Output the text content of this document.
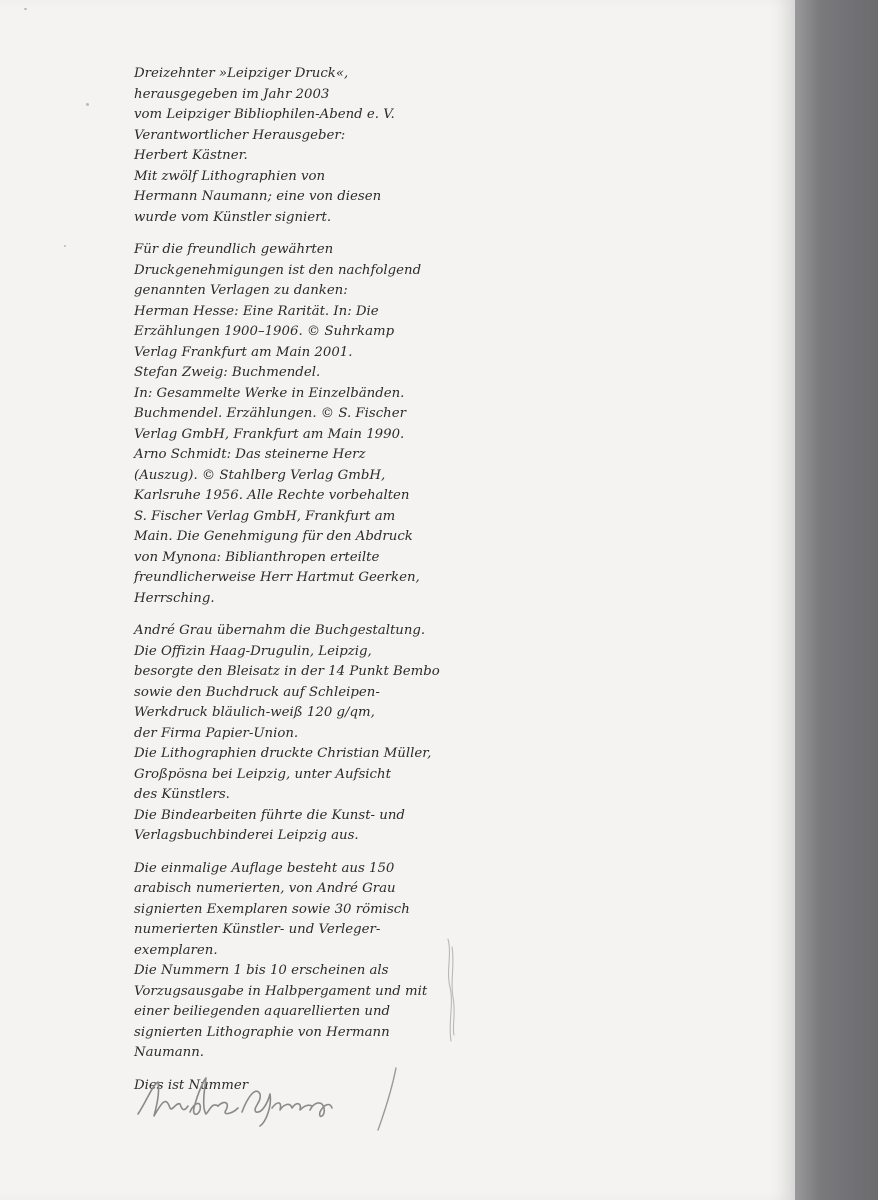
Dreizehnter »Leipziger Druck«,
herausgegeben im Jahr 2003
vom Leipziger Bibliophilen-Abend e. V.
Verantwortlicher Herausgeber:
Herbert Kästner.
Mit zwölf Lithographien von
Hermann Naumann; eine von diesen
wurde vom Künstler signiert.

Für die freundlich gewährten
Druckgenehmigungen ist den nachfolgend
genannten Verlagen zu danken:
Herman Hesse: Eine Rarität. In: Die
Erzählungen 1900–1906. © Suhrkamp
Verlag Frankfurt am Main 2001.
Stefan Zweig: Buchmendel.
In: Gesammelte Werke in Einzelbänden.
Buchmendel. Erzählungen. © S. Fischer
Verlag GmbH, Frankfurt am Main 1990.
Arno Schmidt: Das steinerne Herz
(Auszug). © Stahlberg Verlag GmbH,
Karlsruhe 1956. Alle Rechte vorbehalten
S. Fischer Verlag GmbH, Frankfurt am
Main. Die Genehmigung für den Abdruck
von Mynona: Biblianthropen erteilte
freundlicherweise Herr Hartmut Geerken,
Herrsching.

André Grau übernahm die Buchgestaltung.
Die Offizin Haag-Drugulin, Leipzig,
besorgte den Bleisatz in der 14 Punkt Bembo
sowie den Buchdruck auf Schleipen-
Werkdruck bläulich-weiß 120 g/qm,
der Firma Papier-Union.
Die Lithographien druckte Christian Müller,
Großpösna bei Leipzig, unter Aufsicht
des Künstlers.
Die Bindearbeiten führte die Kunst- und
Verlagsbuchbinderei Leipzig aus.

Die einmalige Auflage besteht aus 150
arabisch numerierten, von André Grau
signierten Exemplaren sowie 30 römisch
numerierten Künstler- und Verleger-
exemplaren.
Die Nummern 1 bis 10 erscheinen als
Vorzugsausgabe in Halbpergament und mit
einer beiliegenden aquarellierten und
signierten Lithographie von Hermann
Naumann.

Dies ist Nummer
